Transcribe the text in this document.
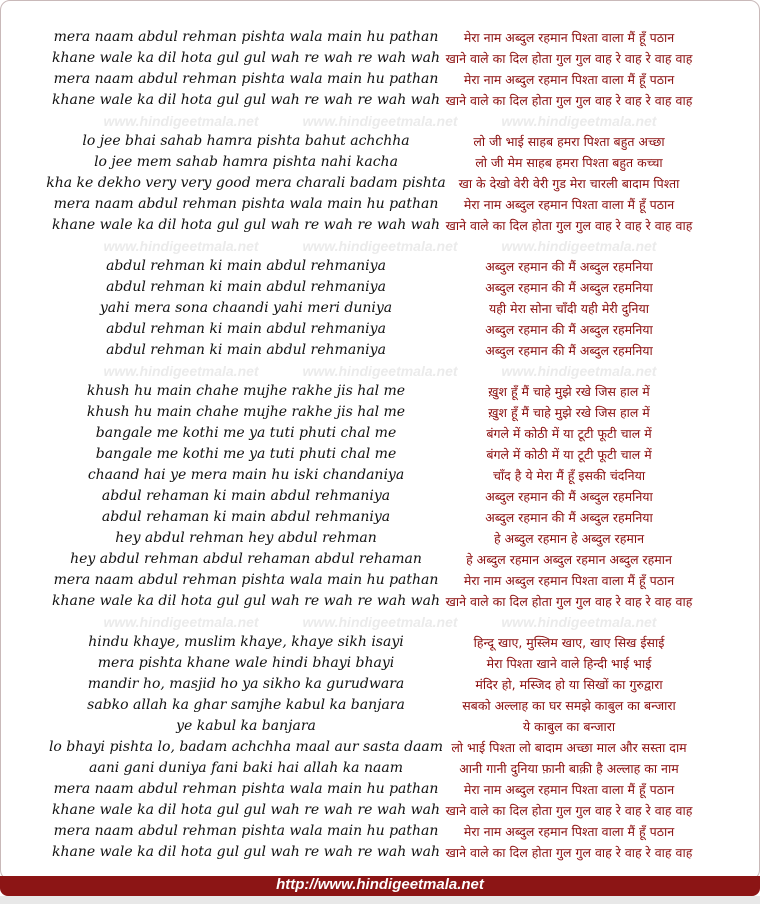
mera naam abdul rehman pishta wala main hu pathan
khane wale ka dil hota gul gul wah re wah re wah wah
mera naam abdul rehman pishta wala main hu pathan
khane wale ka dil hota gul gul wah re wah re wah wah
lo jee bhai sahab hamra pishta bahut achchha
lo jee mem sahab hamra pishta nahi kacha
kha ke dekho very very good mera charali badam pishta
mera naam abdul rehman pishta wala main hu pathan
khane wale ka dil hota gul gul wah re wah re wah wah
abdul rehman ki main abdul rehmaniya
abdul rehman ki main abdul rehmaniya
yahi mera sona chaandi yahi meri duniya
abdul rehman ki main abdul rehmaniya
abdul rehman ki main abdul rehmaniya
khush hu main chahe mujhe rakhe jis hal me
khush hu main chahe mujhe rakhe jis hal me
bangale me kothi me ya tuti phuti chal me
bangale me kothi me ya tuti phuti chal me
chaand hai ye mera main hu iski chandaniya
abdul rehaman ki main abdul rehmaniya
abdul rehaman ki main abdul rehmaniya
hey abdul rehman hey abdul rehman
hey abdul rehman abdul rehaman abdul rehaman
mera naam abdul rehman pishta wala main hu pathan
khane wale ka dil hota gul gul wah re wah re wah wah
hindu khaye, muslim khaye, khaye sikh isayi
mera pishta khane wale hindi bhayi bhayi
mandir ho, masjid ho ya sikho ka gurudwara
sabko allah ka ghar samjhe kabul ka banjara
ye kabul ka banjara
lo bhayi pishta lo, badam achchha maal aur sasta daam
aani gani duniya fani baki hai allah ka naam
mera naam abdul rehman pishta wala main hu pathan
khane wale ka dil hota gul gul wah re wah re wah wah
mera naam abdul rehman pishta wala main hu pathan
khane wale ka dil hota gul gul wah re wah re wah wah
मेरा नाम अब्दुल रहमान पिश्ता वाला मैं हूँ पठान
खाने वाले का दिल होता गुल गुल वाह रे वाह रे वाह वाह
मेरा नाम अब्दुल रहमान पिश्ता वाला मैं हूँ पठान
खाने वाले का दिल होता गुल गुल वाह रे वाह रे वाह वाह
लो जी भाई साहब हमरा पिश्ता बहुत अच्छा
लो जी मेम साहब हमरा पिश्ता बहुत कच्चा
खा के देखो वेरी वेरी गुड मेरा चारली बादाम पिश्ता
मेरा नाम अब्दुल रहमान पिश्ता वाला मैं हूँ पठान
खाने वाले का दिल होता गुल गुल वाह रे वाह रे वाह वाह
अब्दुल रहमान की मैं अब्दुल रहमनिया
अब्दुल रहमान की मैं अब्दुल रहमनिया
यही मेरा सोना चाँदी यही मेरी दुनिया
अब्दुल रहमान की मैं अब्दुल रहमनिया
अब्दुल रहमान की मैं अब्दुल रहमनिया
ख़ुश हूँ मैं चाहे मुझे रखे जिस हाल में
ख़ुश हूँ मैं चाहे मुझे रखे जिस हाल में
बंगले में कोठी में या टूटी फूटी चाल में
बंगले में कोठी में या टूटी फूटी चाल में
चाँद है ये मेरा मैं हूँ इसकी चंदनिया
अब्दुल रहमान की मैं अब्दुल रहमनिया
अब्दुल रहमान की मैं अब्दुल रहमनिया
हे अब्दुल रहमान हे अब्दुल रहमान
हे अब्दुल रहमान अब्दुल रहमान अब्दुल रहमान
मेरा नाम अब्दुल रहमान पिश्ता वाला मैं हूँ पठान
खाने वाले का दिल होता गुल गुल वाह रे वाह रे वाह वाह
हिन्दू खाए, मुस्लिम खाए, खाए सिख ईसाई
मेरा पिश्ता खाने वाले हिन्दी भाई भाई
मंदिर हो, मस्जिद हो या सिखों का गुरुद्वारा
सबको अल्लाह का घर समझे काबुल का बन्जारा
ये काबुल का बन्जारा
लो भाई पिश्ता लो बादाम अच्छा माल और सस्ता दाम
आनी गानी दुनिया फ़ानी बाक़ी है अल्लाह का नाम
मेरा नाम अब्दुल रहमान पिश्ता वाला मैं हूँ पठान
खाने वाले का दिल होता गुल गुल वाह रे वाह रे वाह वाह
मेरा नाम अब्दुल रहमान पिश्ता वाला मैं हूँ पठान
खाने वाले का दिल होता गुल गुल वाह रे वाह रे वाह वाह
www.hindigeetmala.net www.hindigeetmala.net www.hindigeetmala.net
www.hindigeetmala.net www.hindigeetmala.net www.hindigeetmala.net
www.hindigeetmala.net www.hindigeetmala.net www.hindigeetmala.net
www.hindigeetmala.net www.hindigeetmala.net www.hindigeetmala.net
http://www.hindigeetmala.net
